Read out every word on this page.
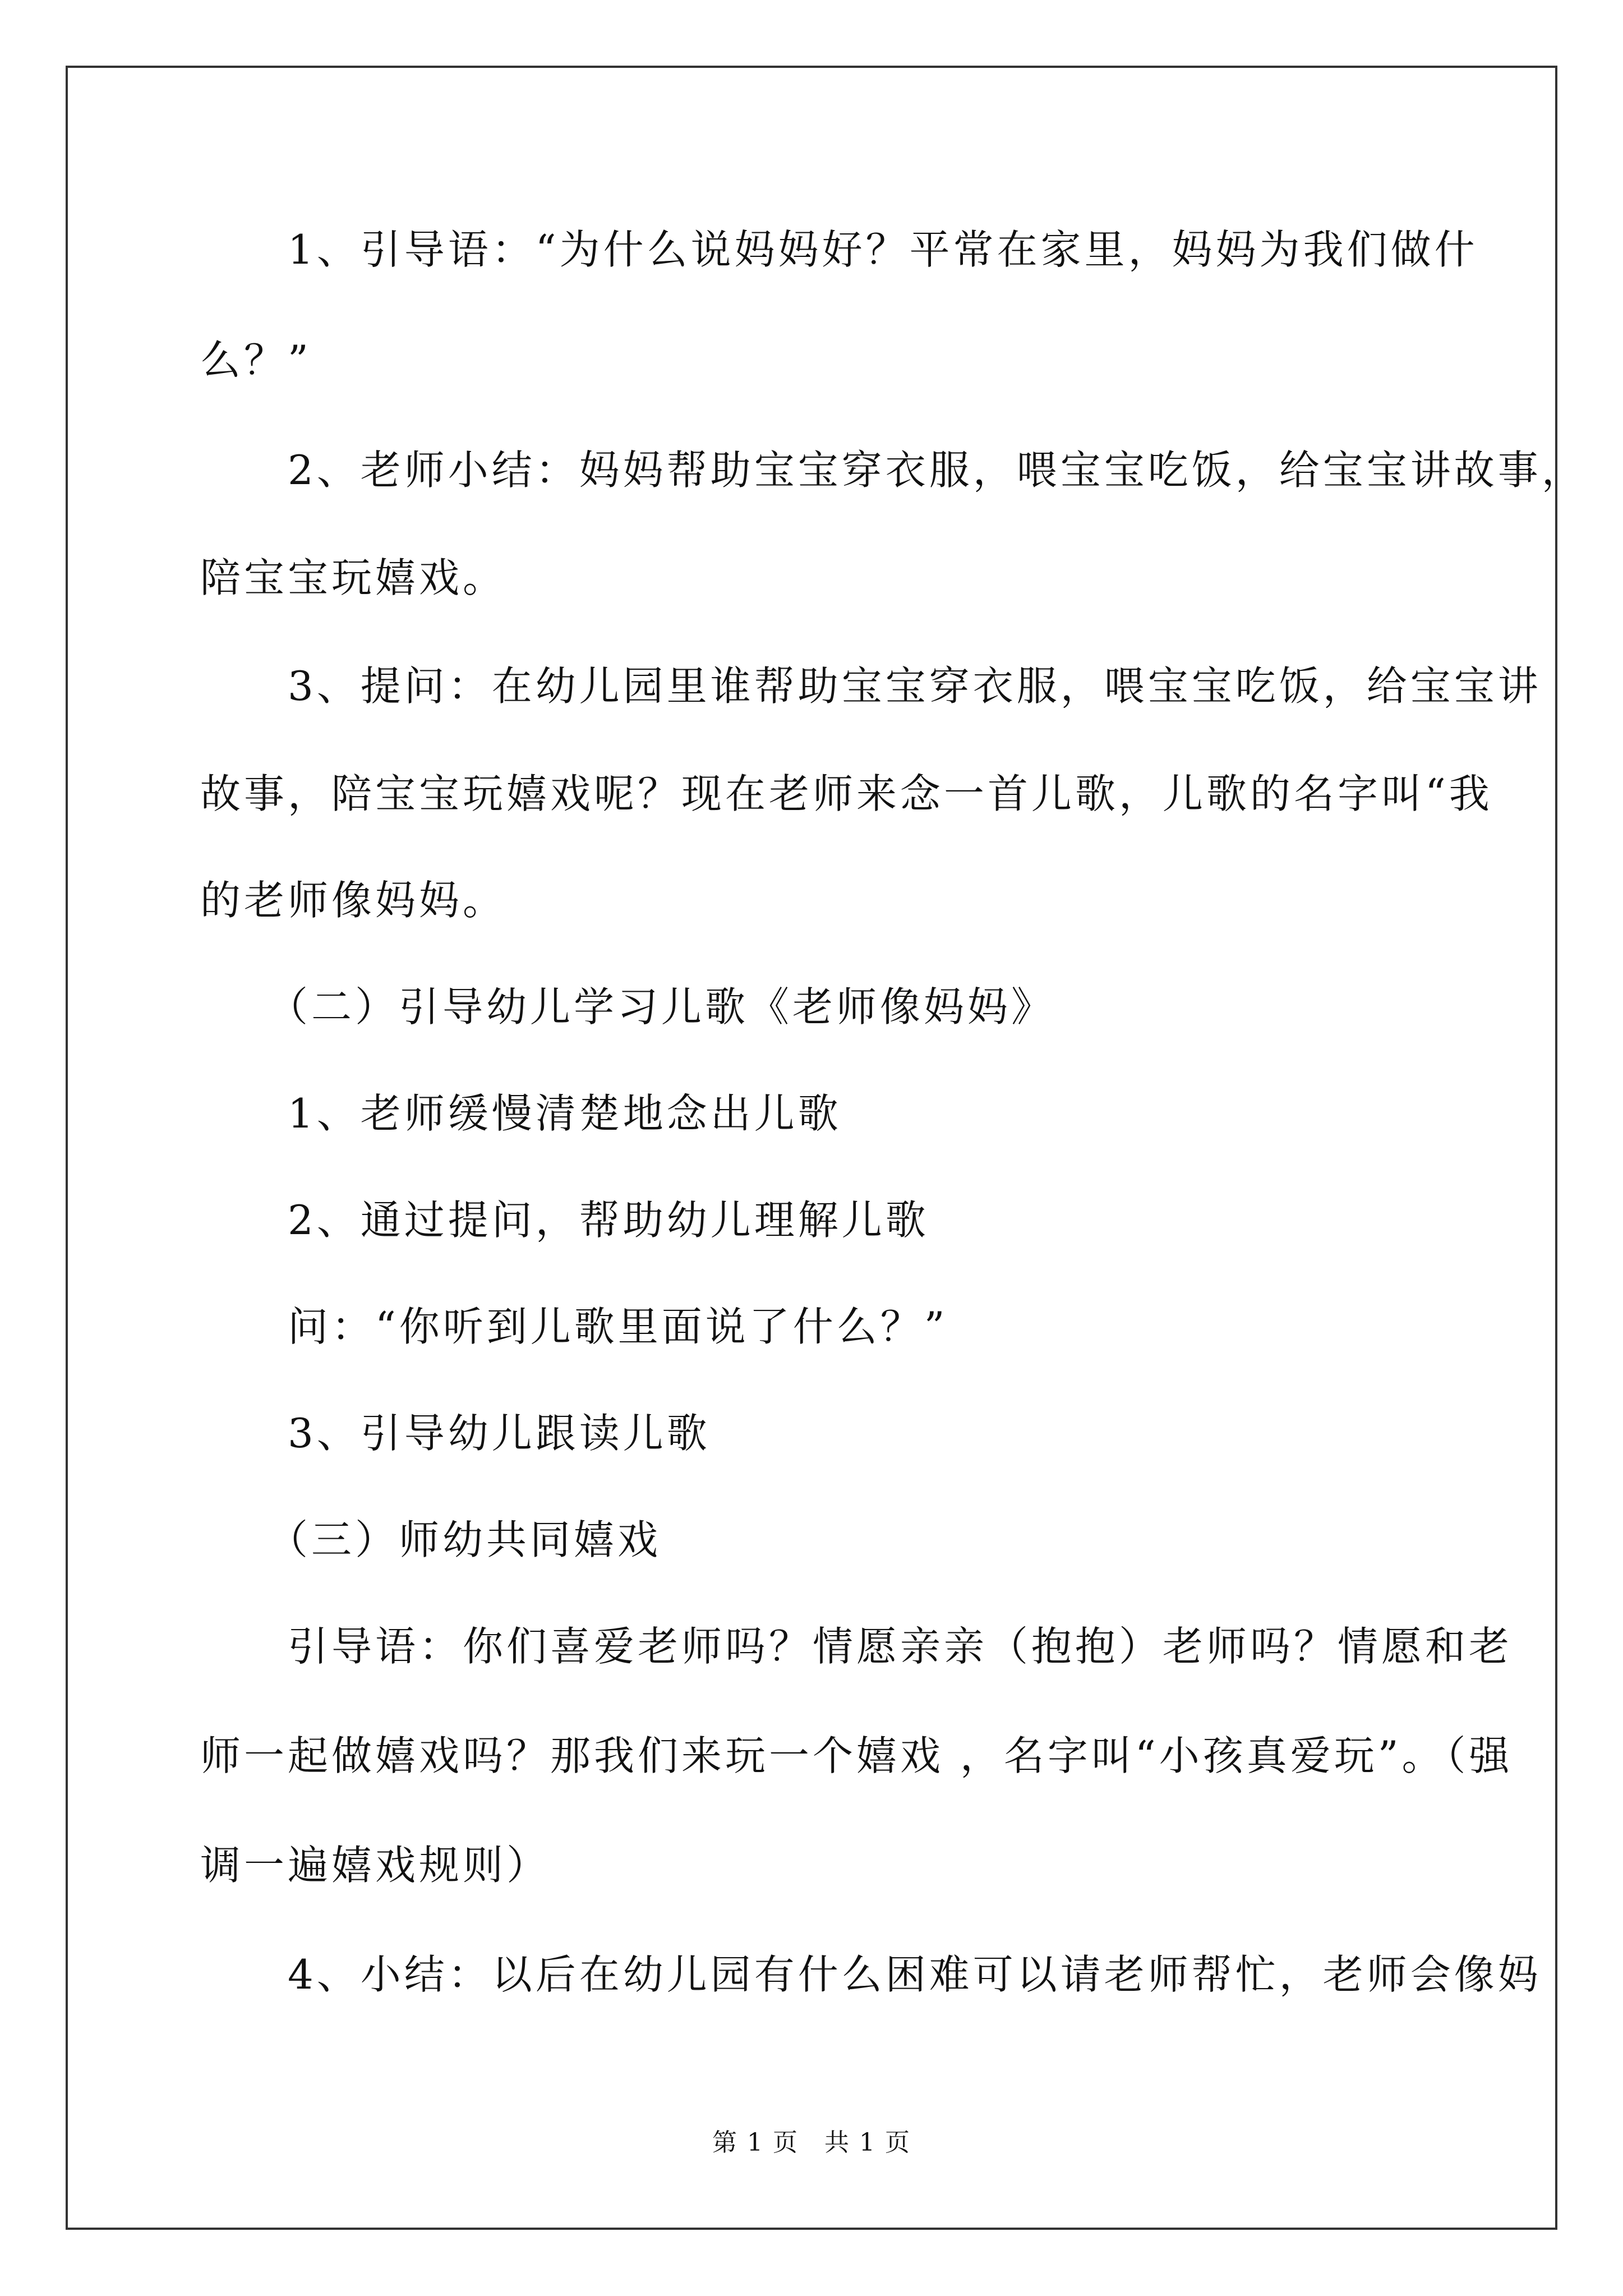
　　1、引导语：“为什么说妈妈好？平常在家里，妈妈为我们做什
么？”
　　2、老师小结：妈妈帮助宝宝穿衣服，喂宝宝吃饭，给宝宝讲故事，
陪宝宝玩嬉戏。
　　3、提问：在幼儿园里谁帮助宝宝穿衣服，喂宝宝吃饭，给宝宝讲
故事，陪宝宝玩嬉戏呢？现在老师来念一首儿歌，儿歌的名字叫“我
的老师像妈妈。
　　（二）引导幼儿学习儿歌《老师像妈妈》
　　1、老师缓慢清楚地念出儿歌
　　2、通过提问，帮助幼儿理解儿歌
　　问：“你听到儿歌里面说了什么？”
　　3、引导幼儿跟读儿歌
　　（三）师幼共同嬉戏
　　引导语：你们喜爱老师吗？情愿亲亲（抱抱）老师吗？情愿和老
师一起做嬉戏吗？那我们来玩一个嬉戏 ，名字叫“小孩真爱玩”。（强
调一遍嬉戏规则）
　　4、小结：以后在幼儿园有什么困难可以请老师帮忙，老师会像妈
第 1 页　共 1 页
